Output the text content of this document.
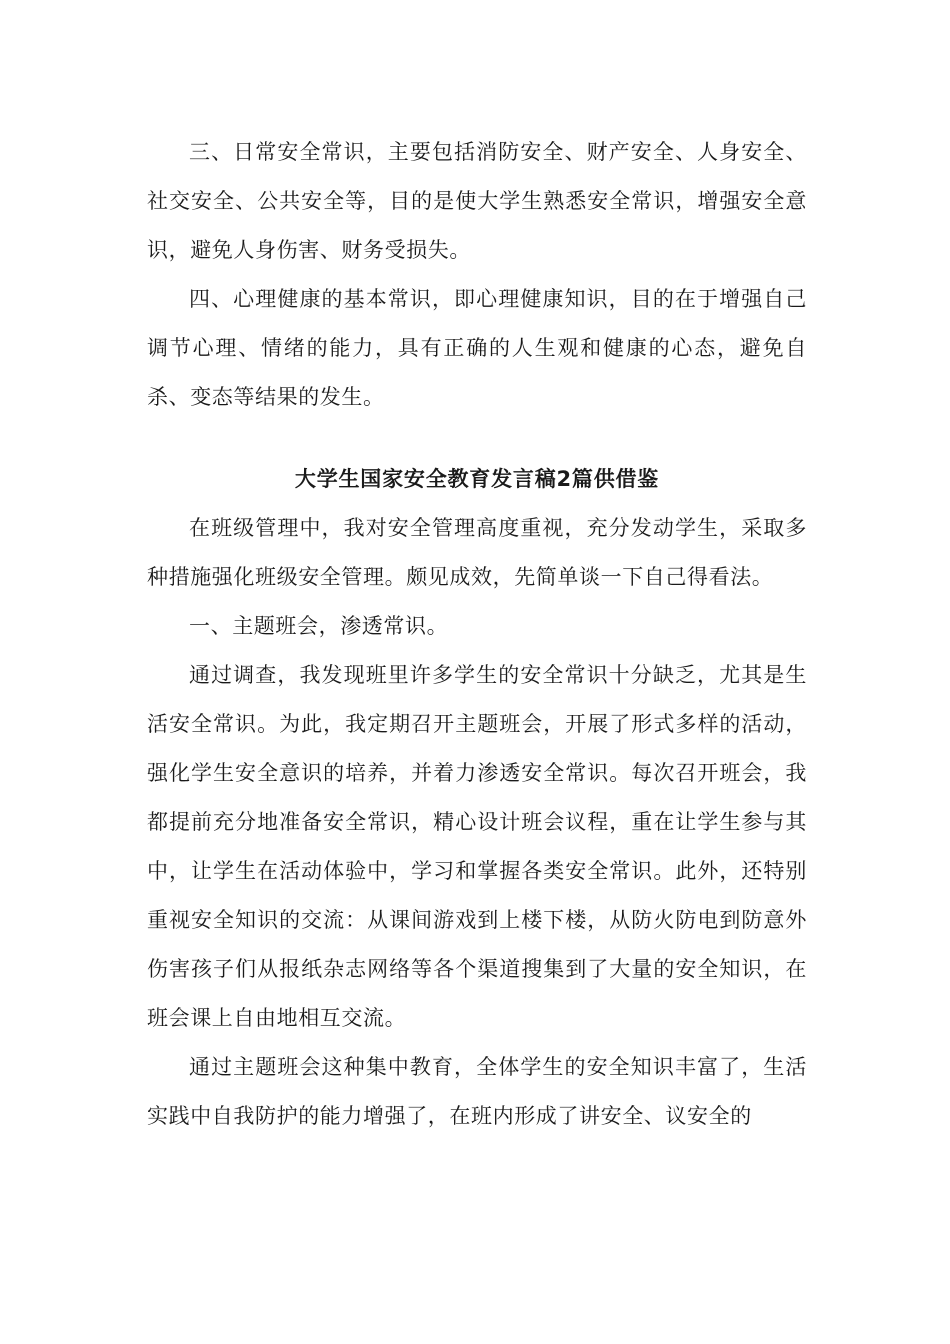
三、日常安全常识，主要包括消防安全、财产安全、人身安全、社交安全、公共安全等，目的是使大学生熟悉安全常识，增强安全意识，避免人身伤害、财务受损失。

四、心理健康的基本常识，即心理健康知识，目的在于增强自己调节心理、情绪的能力，具有正确的人生观和健康的心态，避免自杀、变态等结果的发生。

大学生国家安全教育发言稿2篇供借鉴

在班级管理中，我对安全管理高度重视，充分发动学生，采取多种措施强化班级安全管理。颇见成效，先简单谈一下自己得看法。

一、主题班会，渗透常识。

通过调查，我发现班里许多学生的安全常识十分缺乏，尤其是生活安全常识。为此，我定期召开主题班会，开展了形式多样的活动，强化学生安全意识的培养，并着力渗透安全常识。每次召开班会，我都提前充分地准备安全常识，精心设计班会议程，重在让学生参与其中，让学生在活动体验中，学习和掌握各类安全常识。此外，还特别重视安全知识的交流：从课间游戏到上楼下楼，从防火防电到防意外伤害孩子们从报纸杂志网络等各个渠道搜集到了大量的安全知识，在班会课上自由地相互交流。

通过主题班会这种集中教育，全体学生的安全知识丰富了，生活实践中自我防护的能力增强了，在班内形成了讲安全、议安全的
